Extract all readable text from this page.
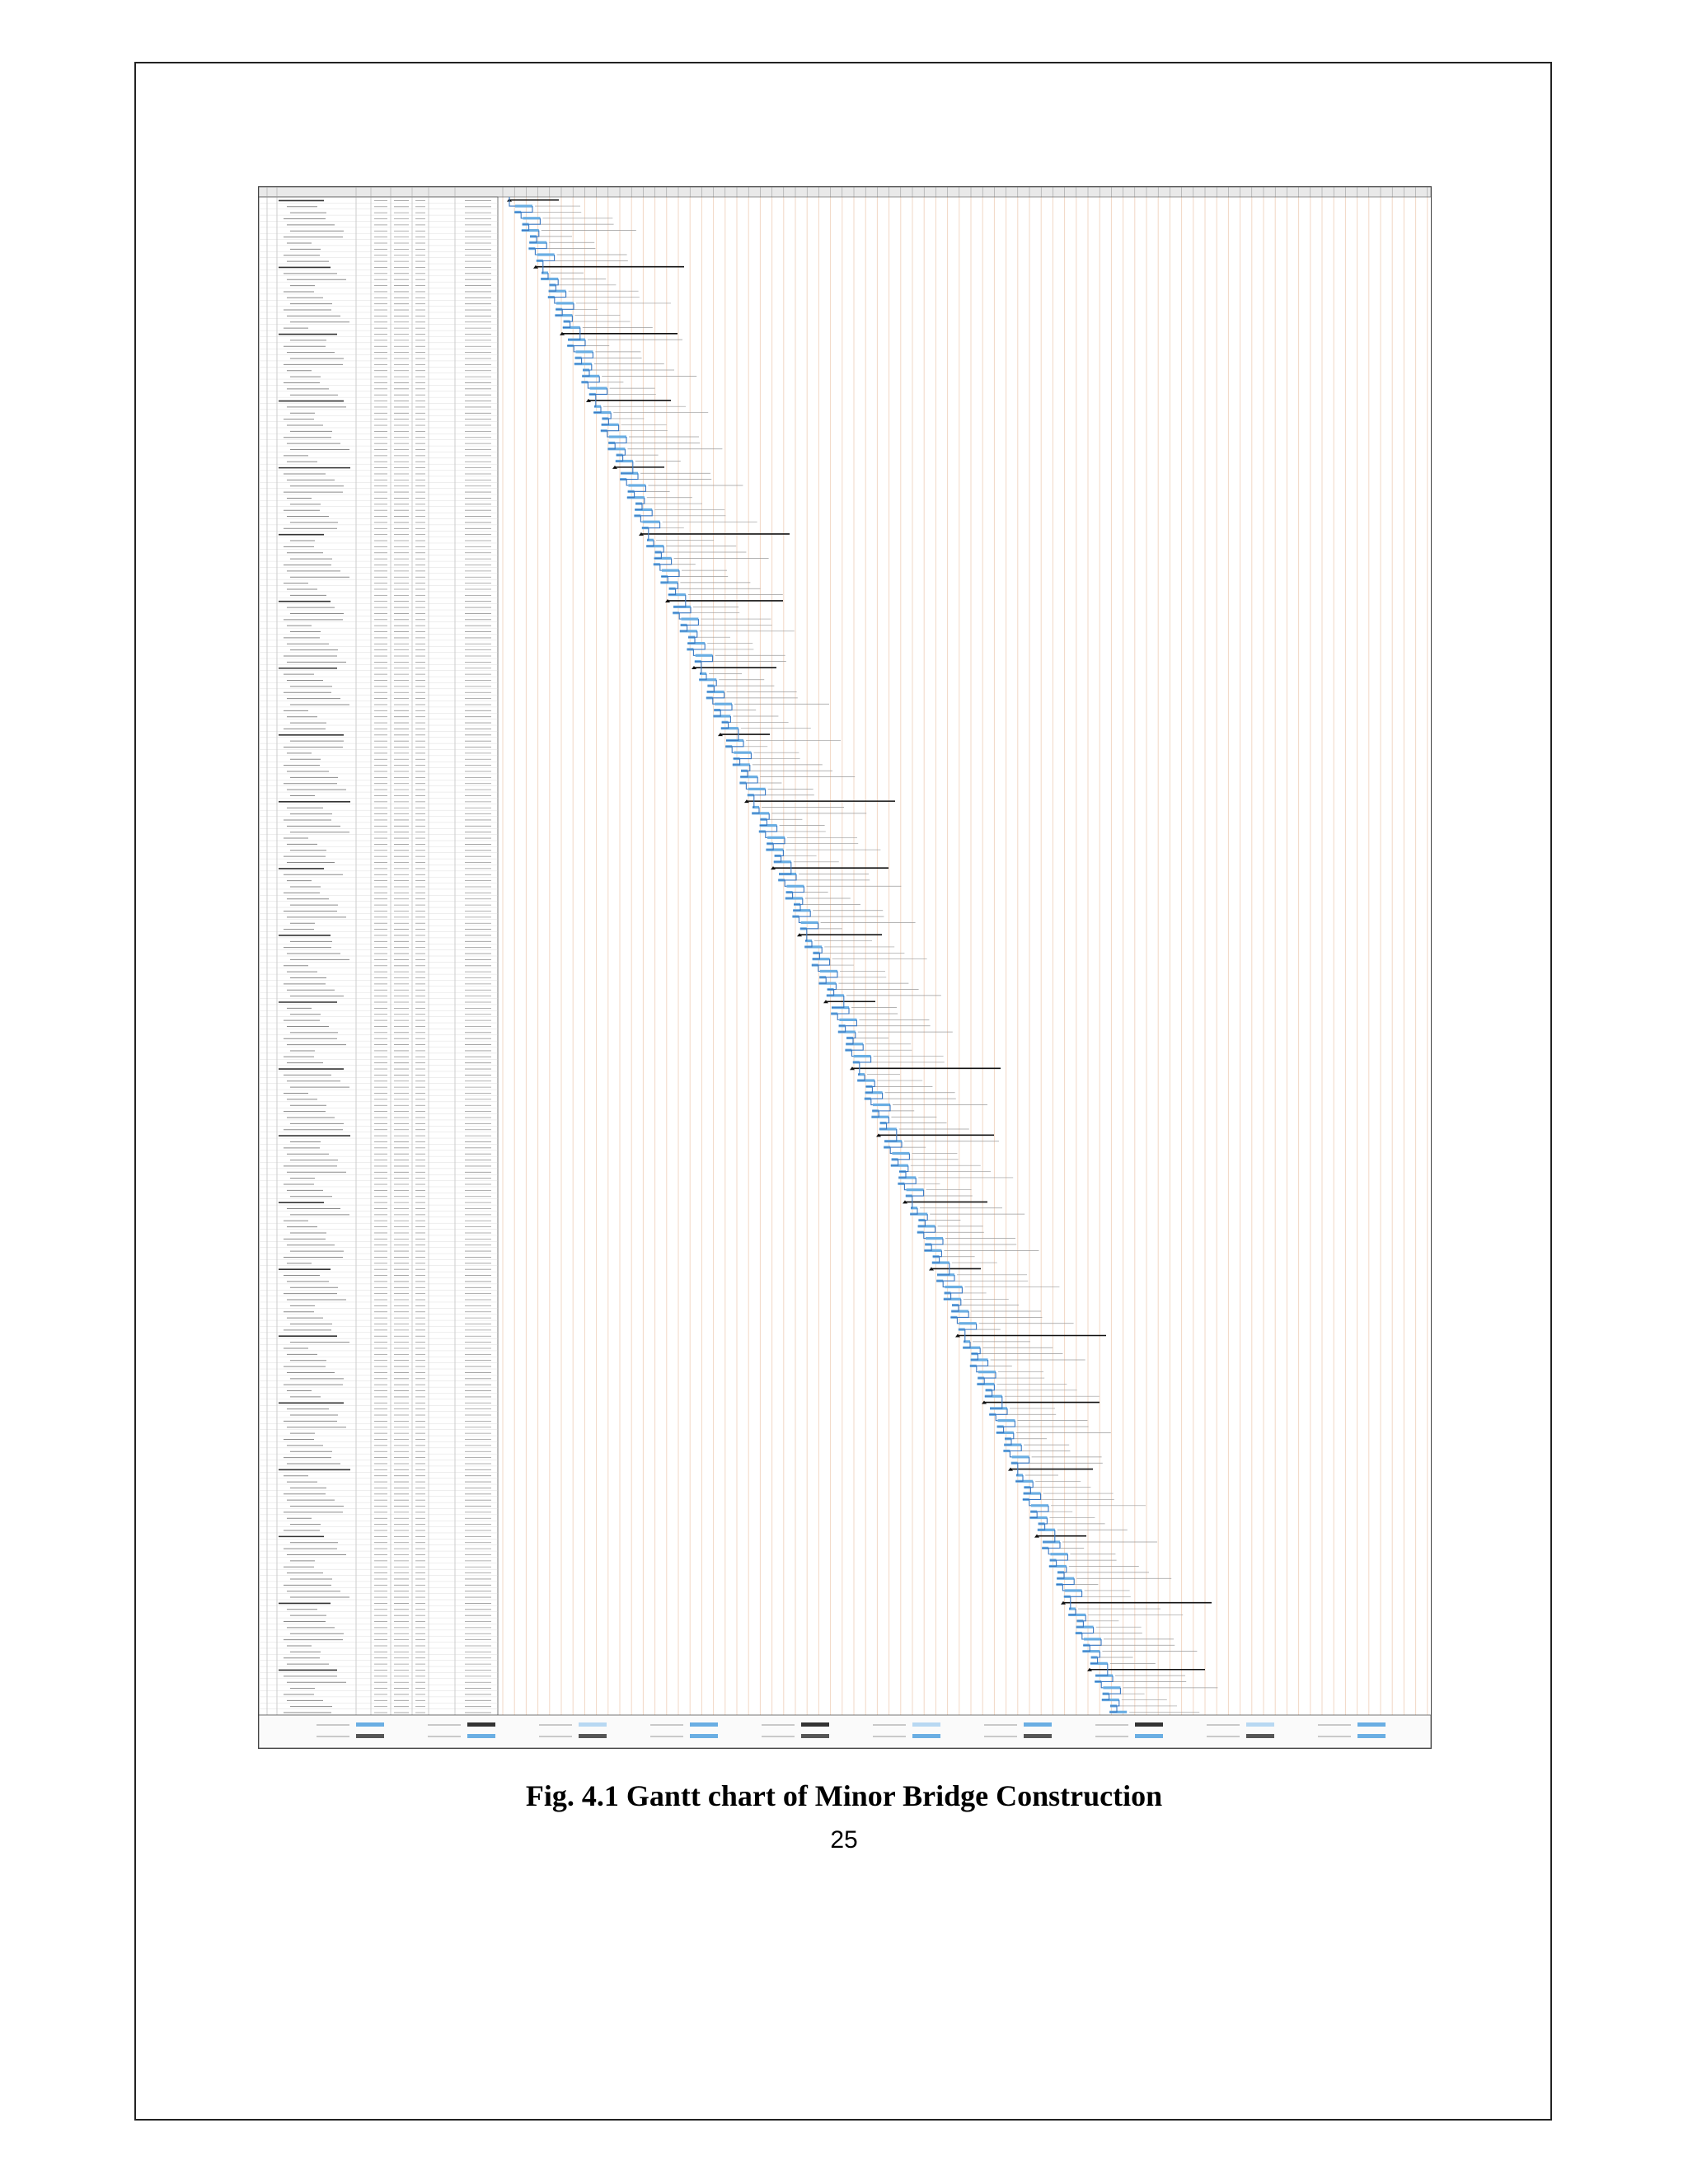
Fig. 4.1 Gantt chart of Minor Bridge Construction
25
